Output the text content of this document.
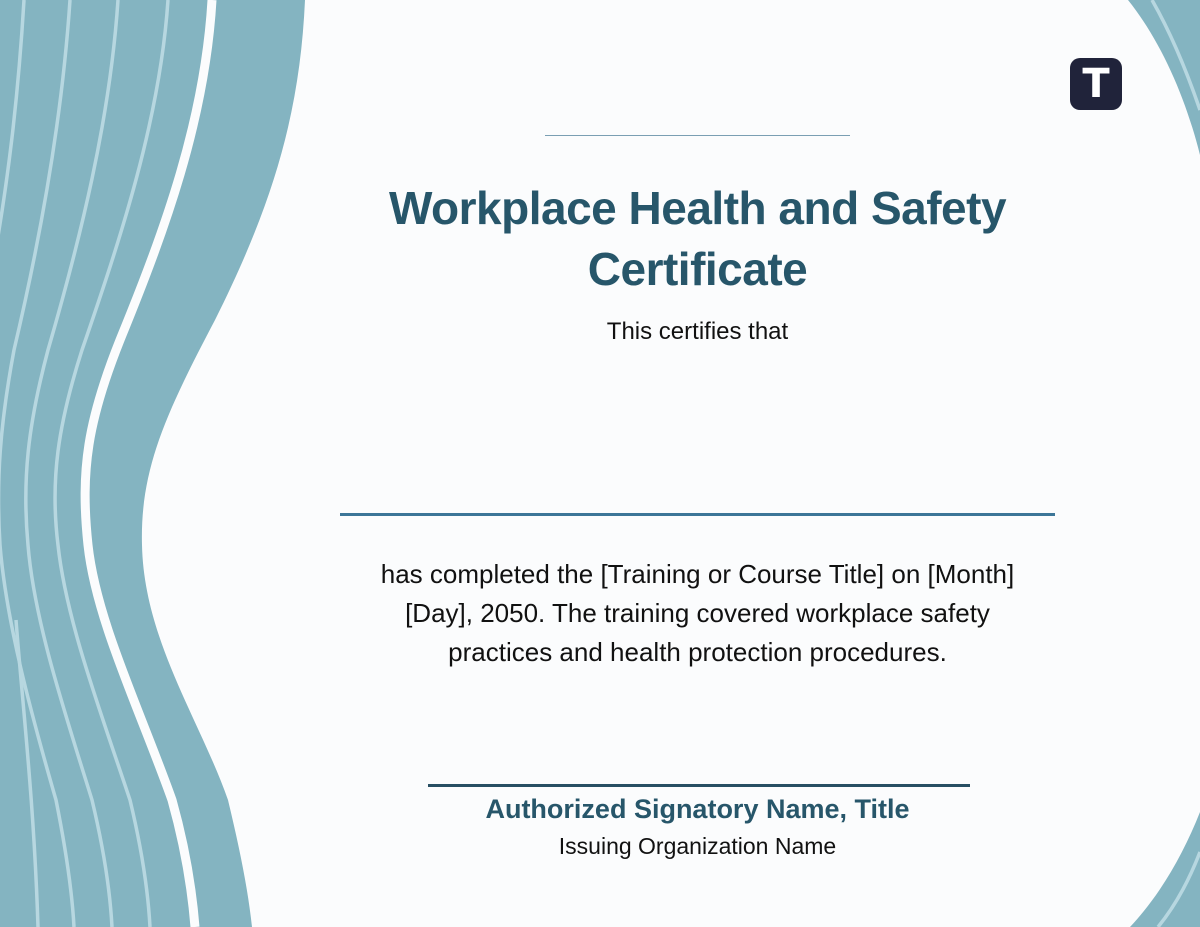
T
Workplace Health and Safety
Certificate

This certifies that

has completed the [Training or Course Title] on [Month]
[Day], 2050. The training covered workplace safety
practices and health protection procedures.

Authorized Signatory Name, Title

Issuing Organization Name
